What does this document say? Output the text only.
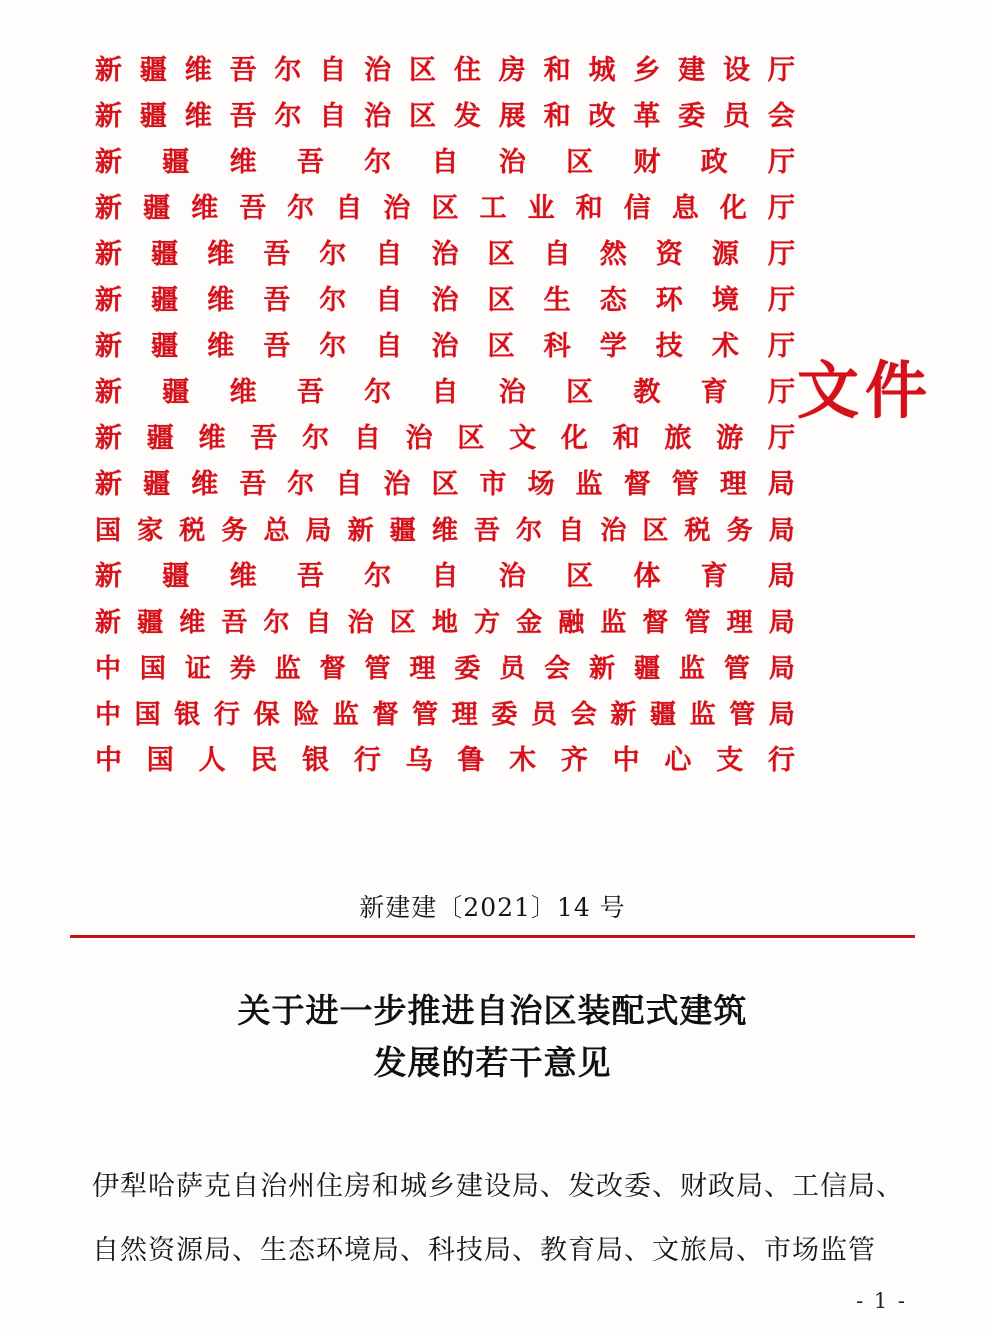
新 疆 维 吾 尔 自 治 区 住 房 和 城 乡 建 设 厅
新 疆 维 吾 尔 自 治 区 发 展 和 改 革 委 员 会
新 疆 维 吾 尔 自 治 区 财 政 厅
新 疆 维 吾 尔 自 治 区 工 业 和 信 息 化 厅
新 疆 维 吾 尔 自 治 区 自 然 资 源 厅
新 疆 维 吾 尔 自 治 区 生 态 环 境 厅
新 疆 维 吾 尔 自 治 区 科 学 技 术 厅
新 疆 维 吾 尔 自 治 区 教 育 厅
新 疆 维 吾 尔 自 治 区 文 化 和 旅 游 厅
新 疆 维 吾 尔 自 治 区 市 场 监 督 管 理 局
国 家 税 务 总 局 新 疆 维 吾 尔 自 治 区 税 务 局
新 疆 维 吾 尔 自 治 区 体 育 局
新 疆 维 吾 尔 自 治 区 地 方 金 融 监 督 管 理 局
中 国 证 券 监 督 管 理 委 员 会 新 疆 监 管 局
中 国 银 行 保 险 监 督 管 理 委 员 会 新 疆 监 管 局
中 国 人 民 银 行 乌 鲁 木 齐 中 心 支 行
文件
新建建〔2021〕14 号
关于进一步推进自治区装配式建筑
发展的若干意见

伊犁哈萨克自治州住房和城乡建设局、发改委、财政局、工信局、

自然资源局、生态环境局、科技局、教育局、文旅局、市场监管

- 1 -
